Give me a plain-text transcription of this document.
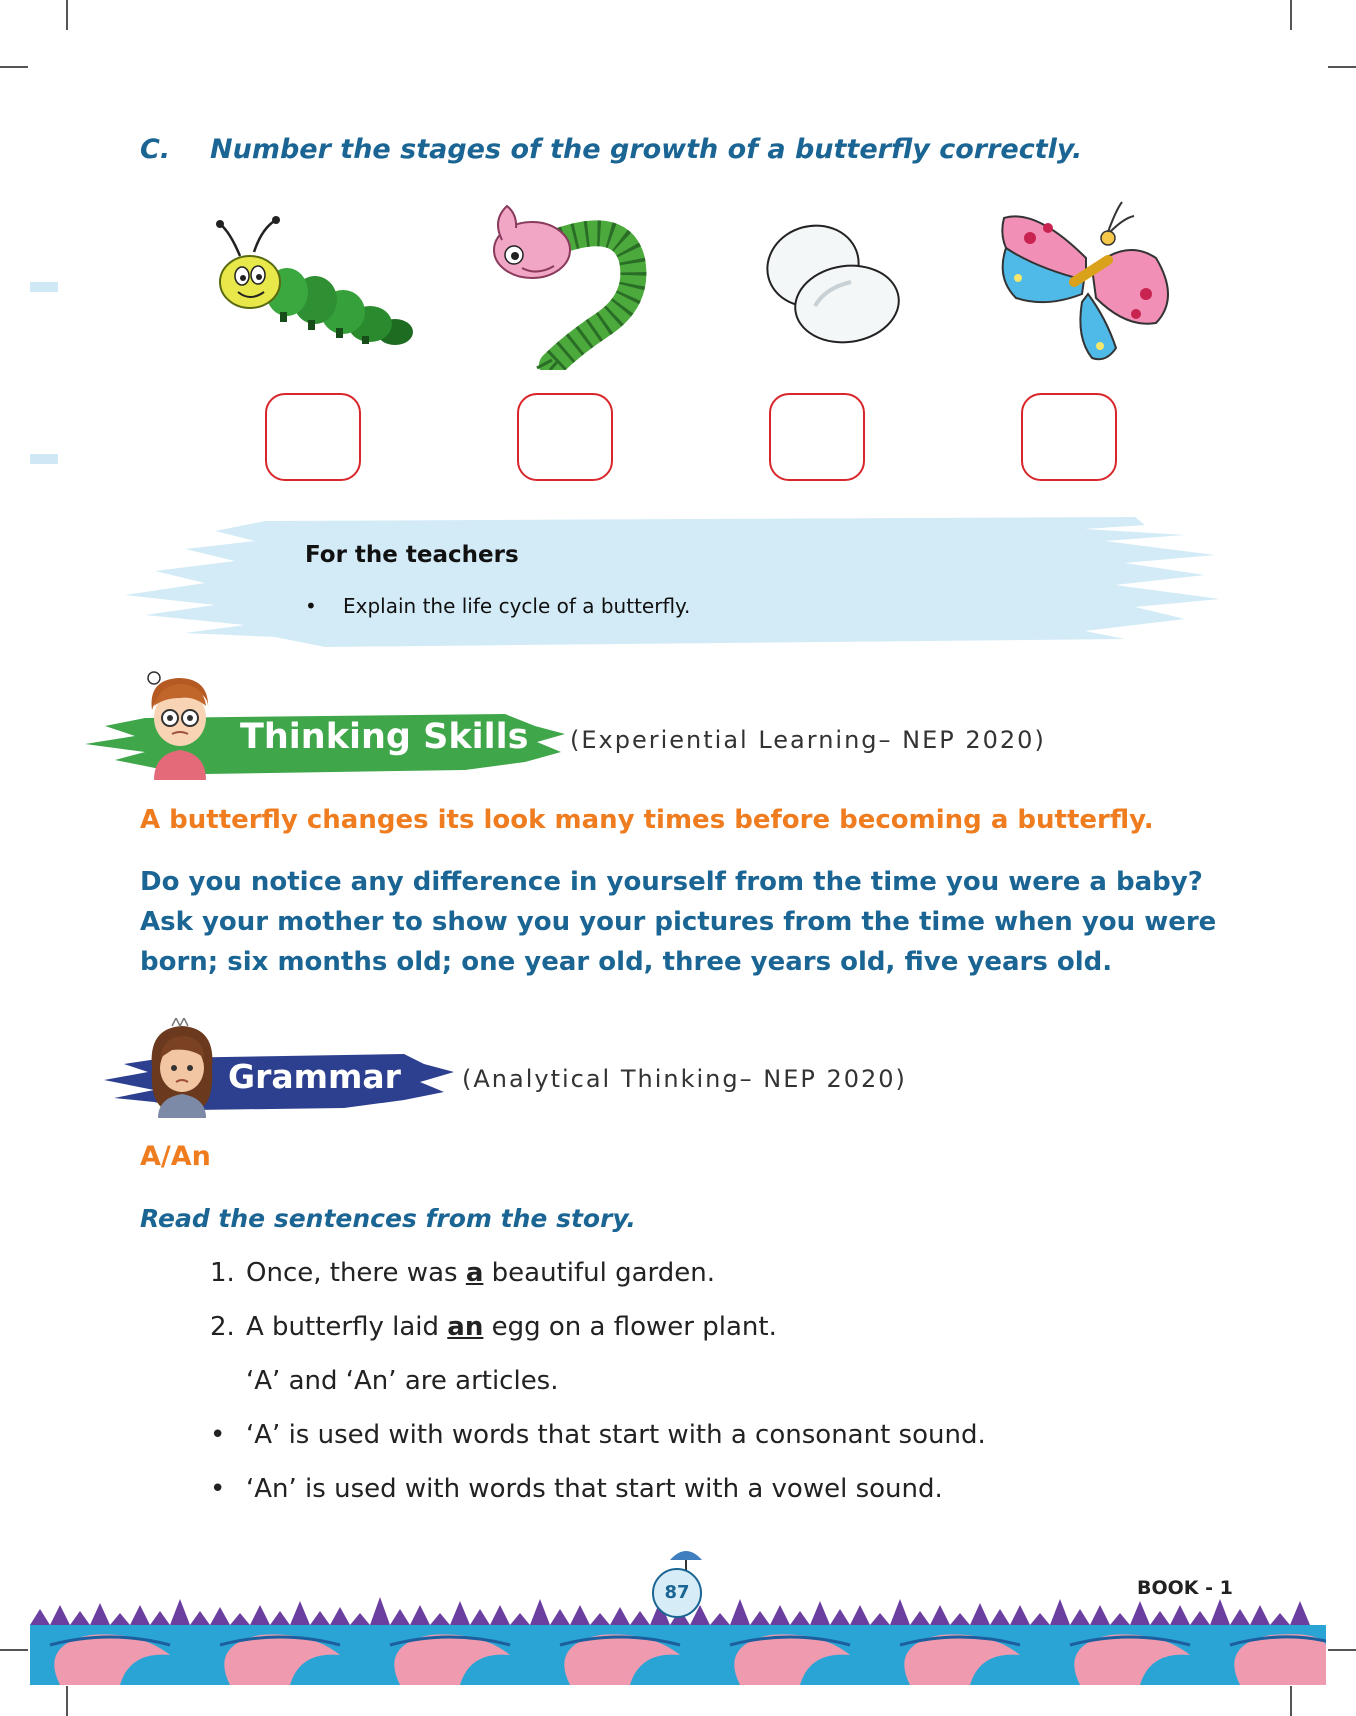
C. Number the stages of the growth of a butterfly correctly.
For the teachers
• Explain the life cycle of a butterfly.
Thinking Skills (Experiential Learning– NEP 2020)
A butterfly changes its look many times before becoming a butterfly.
Do you notice any difference in yourself from the time you were a baby? Ask your mother to show you your pictures from the time when you were born; six months old; one year old, three years old, five years old.
Grammar	(Analytical Thinking– NEP 2020)
A/An
Read the sentences from the story.
1. Once, there was a beautiful garden.
2. A butterfly laid an egg on a flower plant.
‘A’ and ‘An’ are articles.
• ‘A’ is used with words that start with a consonant sound.
• ‘An’ is used with words that start with a vowel sound.
87	BOOK - 1
